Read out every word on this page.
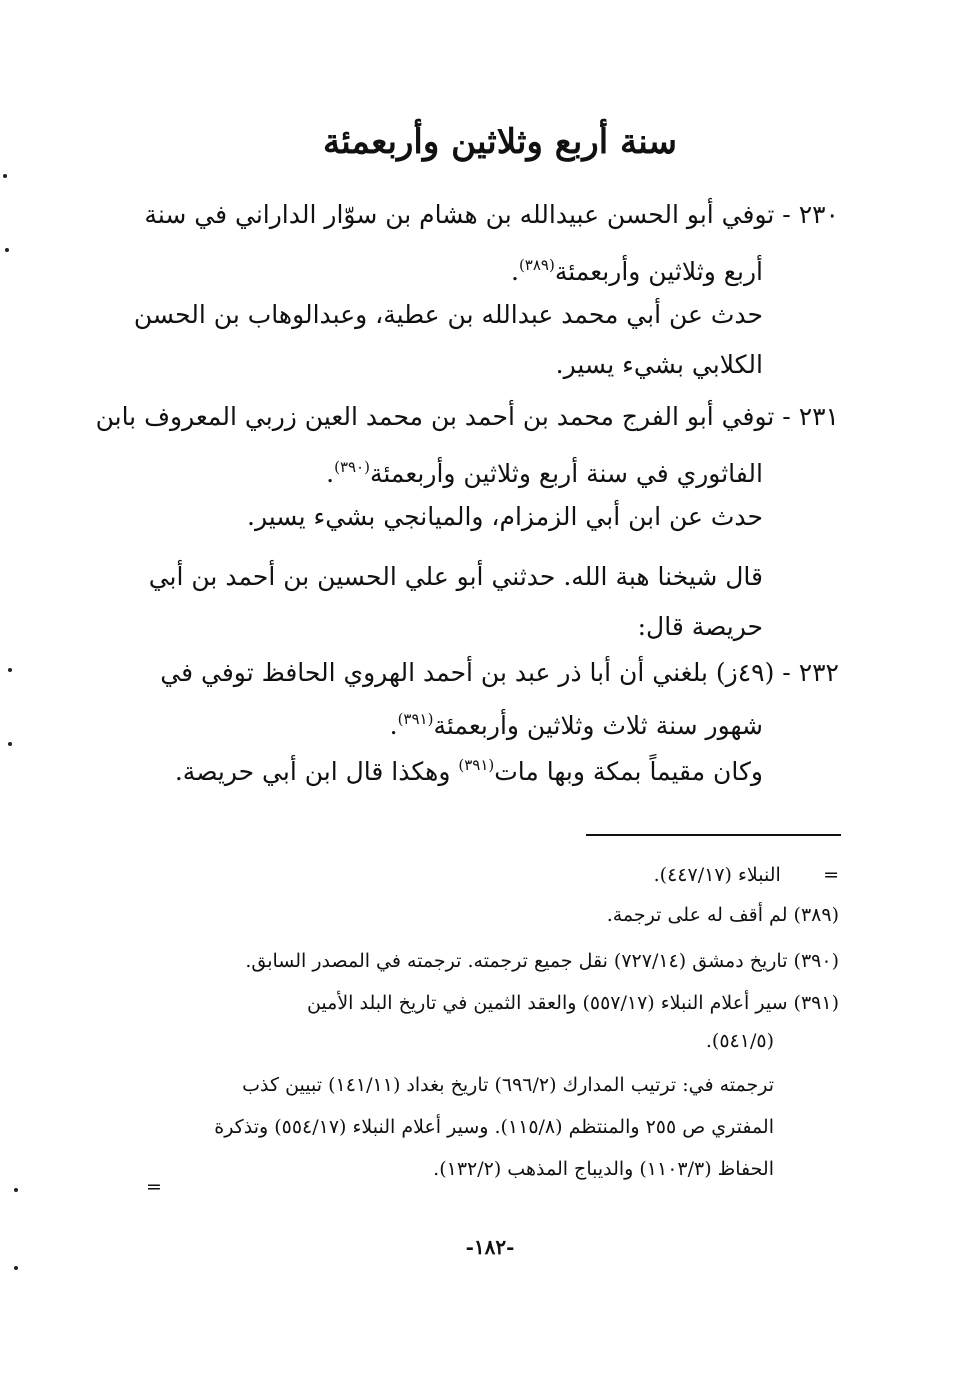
سنة أربع وثلاثين وأربعمئة
٢٣٠ - توفي أبو الحسن عبيدالله بن هشام بن سوّار الداراني في سنة
أربع وثلاثين وأربعمئة$^{(٣٨٩)}$.
حدث عن أبي محمد عبدالله بن عطية، وعبدالوهاب بن الحسن
الكلابي بشيء يسير.
٢٣١ - توفي أبو الفرج محمد بن أحمد بن محمد العين زربي المعروف بابن
الفاثوري في سنة أربع وثلاثين وأربعمئة$^{(٣٩٠)}$.
حدث عن ابن أبي الزمزام، والميانجي بشيء يسير.
قال شيخنا هبة الله. حدثني أبو علي الحسين بن أحمد بن أبي
حريصة قال:
٢٣٢ - (٤٩ز) بلغني أن أبا ذر عبد بن أحمد الهروي الحافظ توفي في
شهور سنة ثلاث وثلاثين وأربعمئة$^{(٣٩١)}$.
وكان مقيماً بمكة وبها مات$^{(٣٩١)}$ وهكذا قال ابن أبي حريصة.
=       النبلاء (٤٤٧/١٧).
(٣٨٩) لم أقف له على ترجمة.
(٣٩٠) تاريخ دمشق (٧٢٧/١٤) نقل جميع ترجمته. ترجمته في المصدر السابق.
(٣٩١) سير أعلام النبلاء (٥٥٧/١٧) والعقد الثمين في تاريخ البلد الأمين
(٥٤١/٥).
ترجمته في: ترتيب المدارك (٦٩٦/٢) تاريخ بغداد (١٤١/١١) تبيين كذب
المفتري ص ٢٥٥ والمنتظم (١١٥/٨). وسير أعلام النبلاء (٥٥٤/١٧) وتذكرة
الحفاظ (١١٠٣/٣) والديباج المذهب (١٣٢/٢).
=
-١٨٢-
